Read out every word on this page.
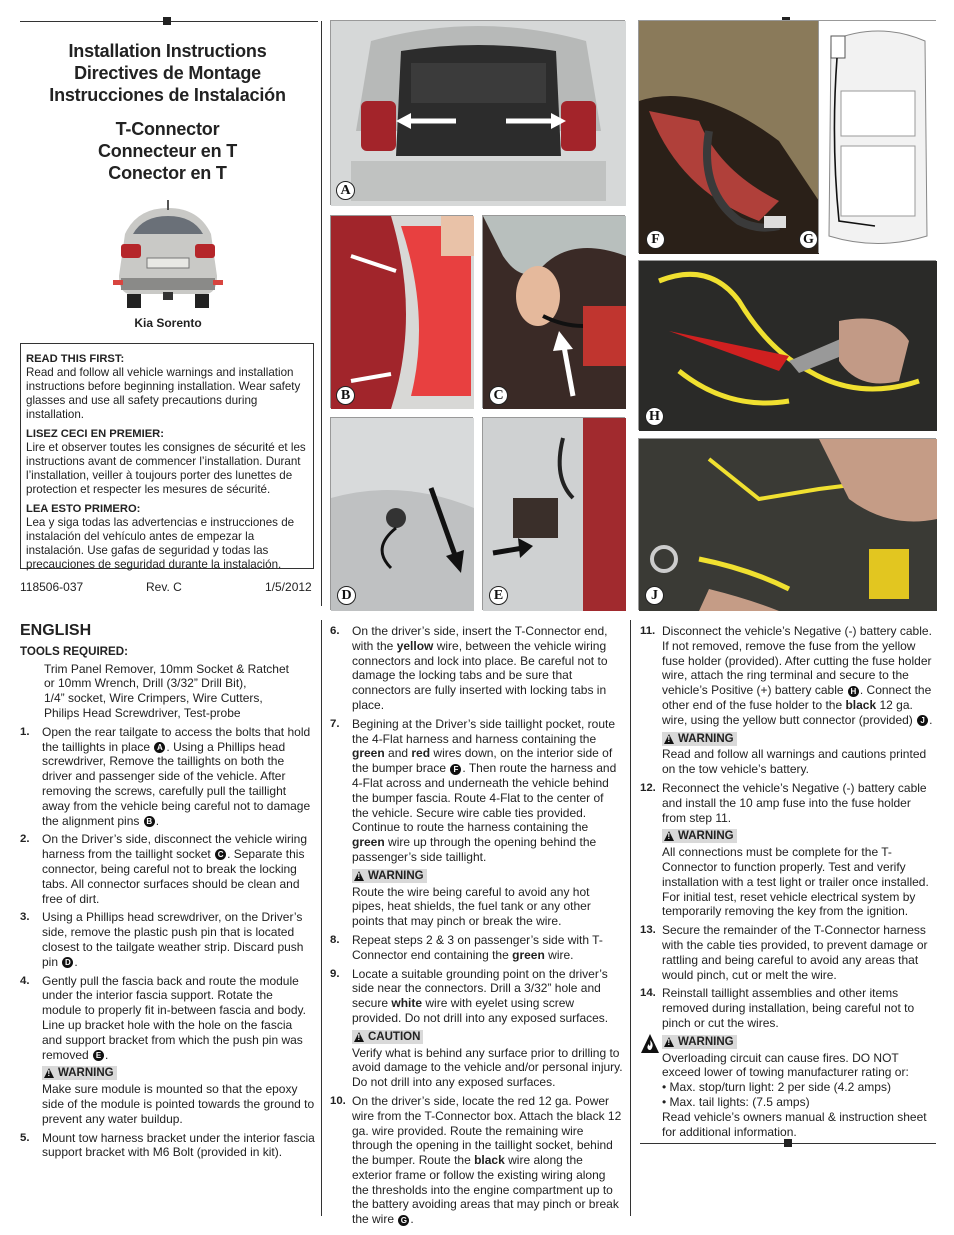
Installation Instructions
Directives de Montage
Instrucciones de Instalación
T-Connector
Connecteur en T
Conector en T
Kia Sorento
READ THIS FIRST:

Read and follow all vehicle warnings and installation instructions before beginning installation. Wear safety glasses and use all safety precautions during installation.

LISEZ CECI EN PREMIER:

Lire et observer toutes les consignes de sécurité et les instructions avant de commencer l’installation. Durant l’installation, veiller à toujours porter des lunettes de protection et respecter les mesures de sécurité.

LEA ESTO PRIMERO:

Lea y siga todas las advertencias e instrucciones de instalación del vehículo antes de empezar la instalación. Use gafas de seguridad y todas las precauciones de seguridad durante la instalación.

118506-037	Rev. C	1/5/2012
A
F	G
B	C
H
D	E	J
ENGLISH
TOOLS REQUIRED:
Trim Panel Remover, 10mm Socket & Ratchet
or 10mm Wrench, Drill (3/32” Drill Bit),
1/4” socket, Wire Crimpers, Wire Cutters,
Philips Head Screwdriver, Test-probe
1.	Open the rear tailgate to access the bolts that hold the taillights in place A . Using a Phillips head screwdriver, Remove the taillights on both the driver and passenger side of the vehicle. After removing the screws, carefully pull the taillight away from the vehicle being careful not to damage the alignment pins B .
2.	On the Driver’s side, disconnect the vehicle wiring harness from the taillight socket C . Separate this connector, being careful not to break the locking tabs. All connector surfaces should be clean and free of dirt.
3.	Using a Phillips head screwdriver, on the Driver’s side, remove the plastic push pin that is located closest to the tailgate weather strip. Discard push pin D .
4.	Gently pull the fascia back and route the module under the interior fascia support. Rotate the module to properly fit in-between fascia and body. Line up bracket hole with the hole on the fascia and support bracket from which the push pin was removed E .
!
WARNING
Make sure module is mounted so that the epoxy side of the module is pointed towards the ground to prevent any water buildup.
5.	Mount tow harness bracket under the interior fascia support bracket with M6 Bolt (provided in kit).
6.	On the driver’s side, insert the T-Connector end, with the yellow wire, between the vehicle wiring connectors and lock into place. Be careful not to damage the locking tabs and be sure that connectors are fully inserted with locking tabs in place.
7.	Begining at the Driver’s side taillight pocket, route the 4-Flat harness and harness containing the green and red wires down, on the interior side of the bumper brace F . Then route the harness and 4-Flat across and underneath the vehicle behind the bumper fascia. Route 4-Flat to the center of the vehicle. Secure wire cable ties provided. Continue to route the harness containing the green wire up through the opening behind the passenger’s side taillight.
!
WARNING
Route the wire being careful to avoid any hot pipes, heat shields, the fuel tank or any other points that may pinch or break the wire.
8.	Repeat steps 2 & 3 on passenger’s side with T-Connector end containing the green wire.
9.	Locate a suitable grounding point on the driver’s side near the connectors. Drill a 3/32” hole and secure white wire with eyelet using screw provided. Do not drill into any exposed surfaces.
!
CAUTION
Verify what is behind any surface prior to drilling to avoid damage to the vehicle and/or personal injury. Do not drill into any exposed surfaces.
10. On the driver’s side, locate the red 12 ga. Power wire from the T-Connector box. Attach the black 12 ga. wire provided. Route the remaining wire through the opening in the taillight socket, behind the bumper. Route the black wire along the exterior frame or follow the existing wiring along the thresholds into the engine compartment up to the battery avoiding areas that may pinch or break the wire G .
11. Disconnect the vehicle’s Negative (-) battery cable. If not removed, remove the fuse from the yellow fuse holder (provided). After cutting the fuse holder wire, attach the ring terminal and secure to the vehicle’s Positive (+) battery cable H . Connect the other end of the fuse holder to the black 12 ga. wire, using the yellow butt connector (provided) J .
!
WARNING
Read and follow all warnings and cautions printed on the tow vehicle’s battery.
12. Reconnect the vehicle’s Negative (-) battery cable and install the 10 amp fuse into the fuse holder from step 11.
!
WARNING
All connections must be complete for the T-Connector to function properly. Test and verify installation with a test light or trailer once installed. For initial test, reset vehicle electrical system by temporarily removing the key from the ignition.
13. Secure the remainder of the T-Connector harness with the cable ties provided, to prevent damage or rattling and being careful to avoid any areas that would pinch, cut or melt the wire.
14. Reinstall taillight assemblies and other items removed during installation, being careful not to pinch or cut the wires.
!
WARNING
Overloading circuit can cause fires. DO NOT exceed lower of towing manufacturer rating or:
• Max. stop/turn light: 2 per side (4.2 amps)
• Max. tail lights: (7.5 amps)
Read vehicle’s owners manual & instruction sheet for additional information.
